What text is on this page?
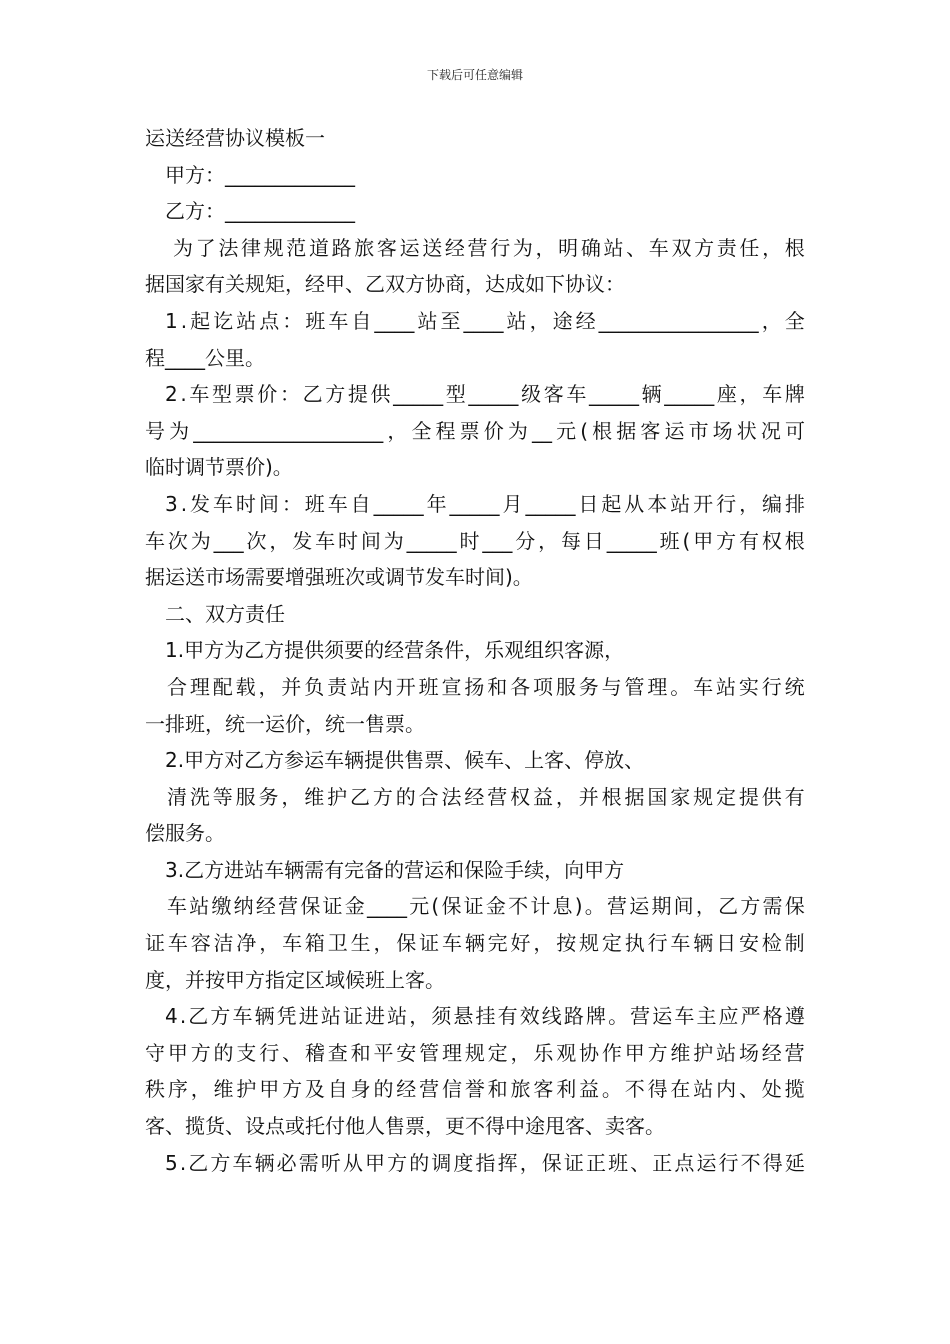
下载后可任意编辑
运送经营协议模板一
甲方：_____________
乙方：_____________
为 了 法 律 规 范 道 路 旅 客 运 送 经 营 行 为 ， 明 确 站 、 车 双 方 责 任 ， 根
据国家有关规矩，经甲、乙双方协商，达成如下协议：
1 . 起 讫 站 点 ： 班 车 自 ____ 站 至 ____ 站 ， 途 经 ________________ ， 全
程____公里。
2 . 车 型 票 价 ： 乙 方 提 供 _____ 型 _____ 级 客 车 _____ 辆 _____ 座 ， 车 牌
号 为 ___________________ ， 全 程 票 价 为 __ 元 ( 根 据 客 运 市 场 状 况 可
临时调节票价)。
3 . 发 车 时 间 ： 班 车 自 _____ 年 _____ 月 _____ 日 起 从 本 站 开 行 ， 编 排
车 次 为 ___ 次 ， 发 车 时 间 为 _____ 时 ___ 分 ， 每 日 _____ 班 ( 甲 方 有 权 根
据运送市场需要增强班次或调节发车时间)。
二、双方责任
1.甲方为乙方提供须要的经营条件，乐观组织客源，
合 理 配 载 ， 并 负 责 站 内 开 班 宣 扬 和 各 项 服 务 与 管 理 。 车 站 实 行 统
一排班，统一运价，统一售票。
2.甲方对乙方参运车辆提供售票、候车、上客、停放、
清 洗 等 服 务 ， 维 护 乙 方 的 合 法 经 营 权 益 ， 并 根 据 国 家 规 定 提 供 有
偿服务。
3.乙方进站车辆需有完备的营运和保险手续，向甲方
车 站 缴 纳 经 营 保 证 金 ____ 元 ( 保 证 金 不 计 息 ) 。 营 运 期 间 ， 乙 方 需 保
证 车 容 洁 净 ， 车 箱 卫 生 ， 保 证 车 辆 完 好 ， 按 规 定 执 行 车 辆 日 安 检 制
度，并按甲方指定区域候班上客。
4 . 乙 方 车 辆 凭 进 站 证 进 站 ， 须 悬 挂 有 效 线 路 牌 。 营 运 车 主 应 严 格 遵
守 甲 方 的 支 行 、 稽 查 和 平 安 管 理 规 定 ， 乐 观 协 作 甲 方 维 护 站 场 经 营
秩 序 ， 维 护 甲 方 及 自 身 的 经 营 信 誉 和 旅 客 利 益 。 不 得 在 站 内 、 处 揽
客、揽货、设点或托付他人售票，更不得中途甩客、卖客。
5 . 乙 方 车 辆 必 需 听 从 甲 方 的 调 度 指 挥 ， 保 证 正 班 、 正 点 运 行 不 得 延
